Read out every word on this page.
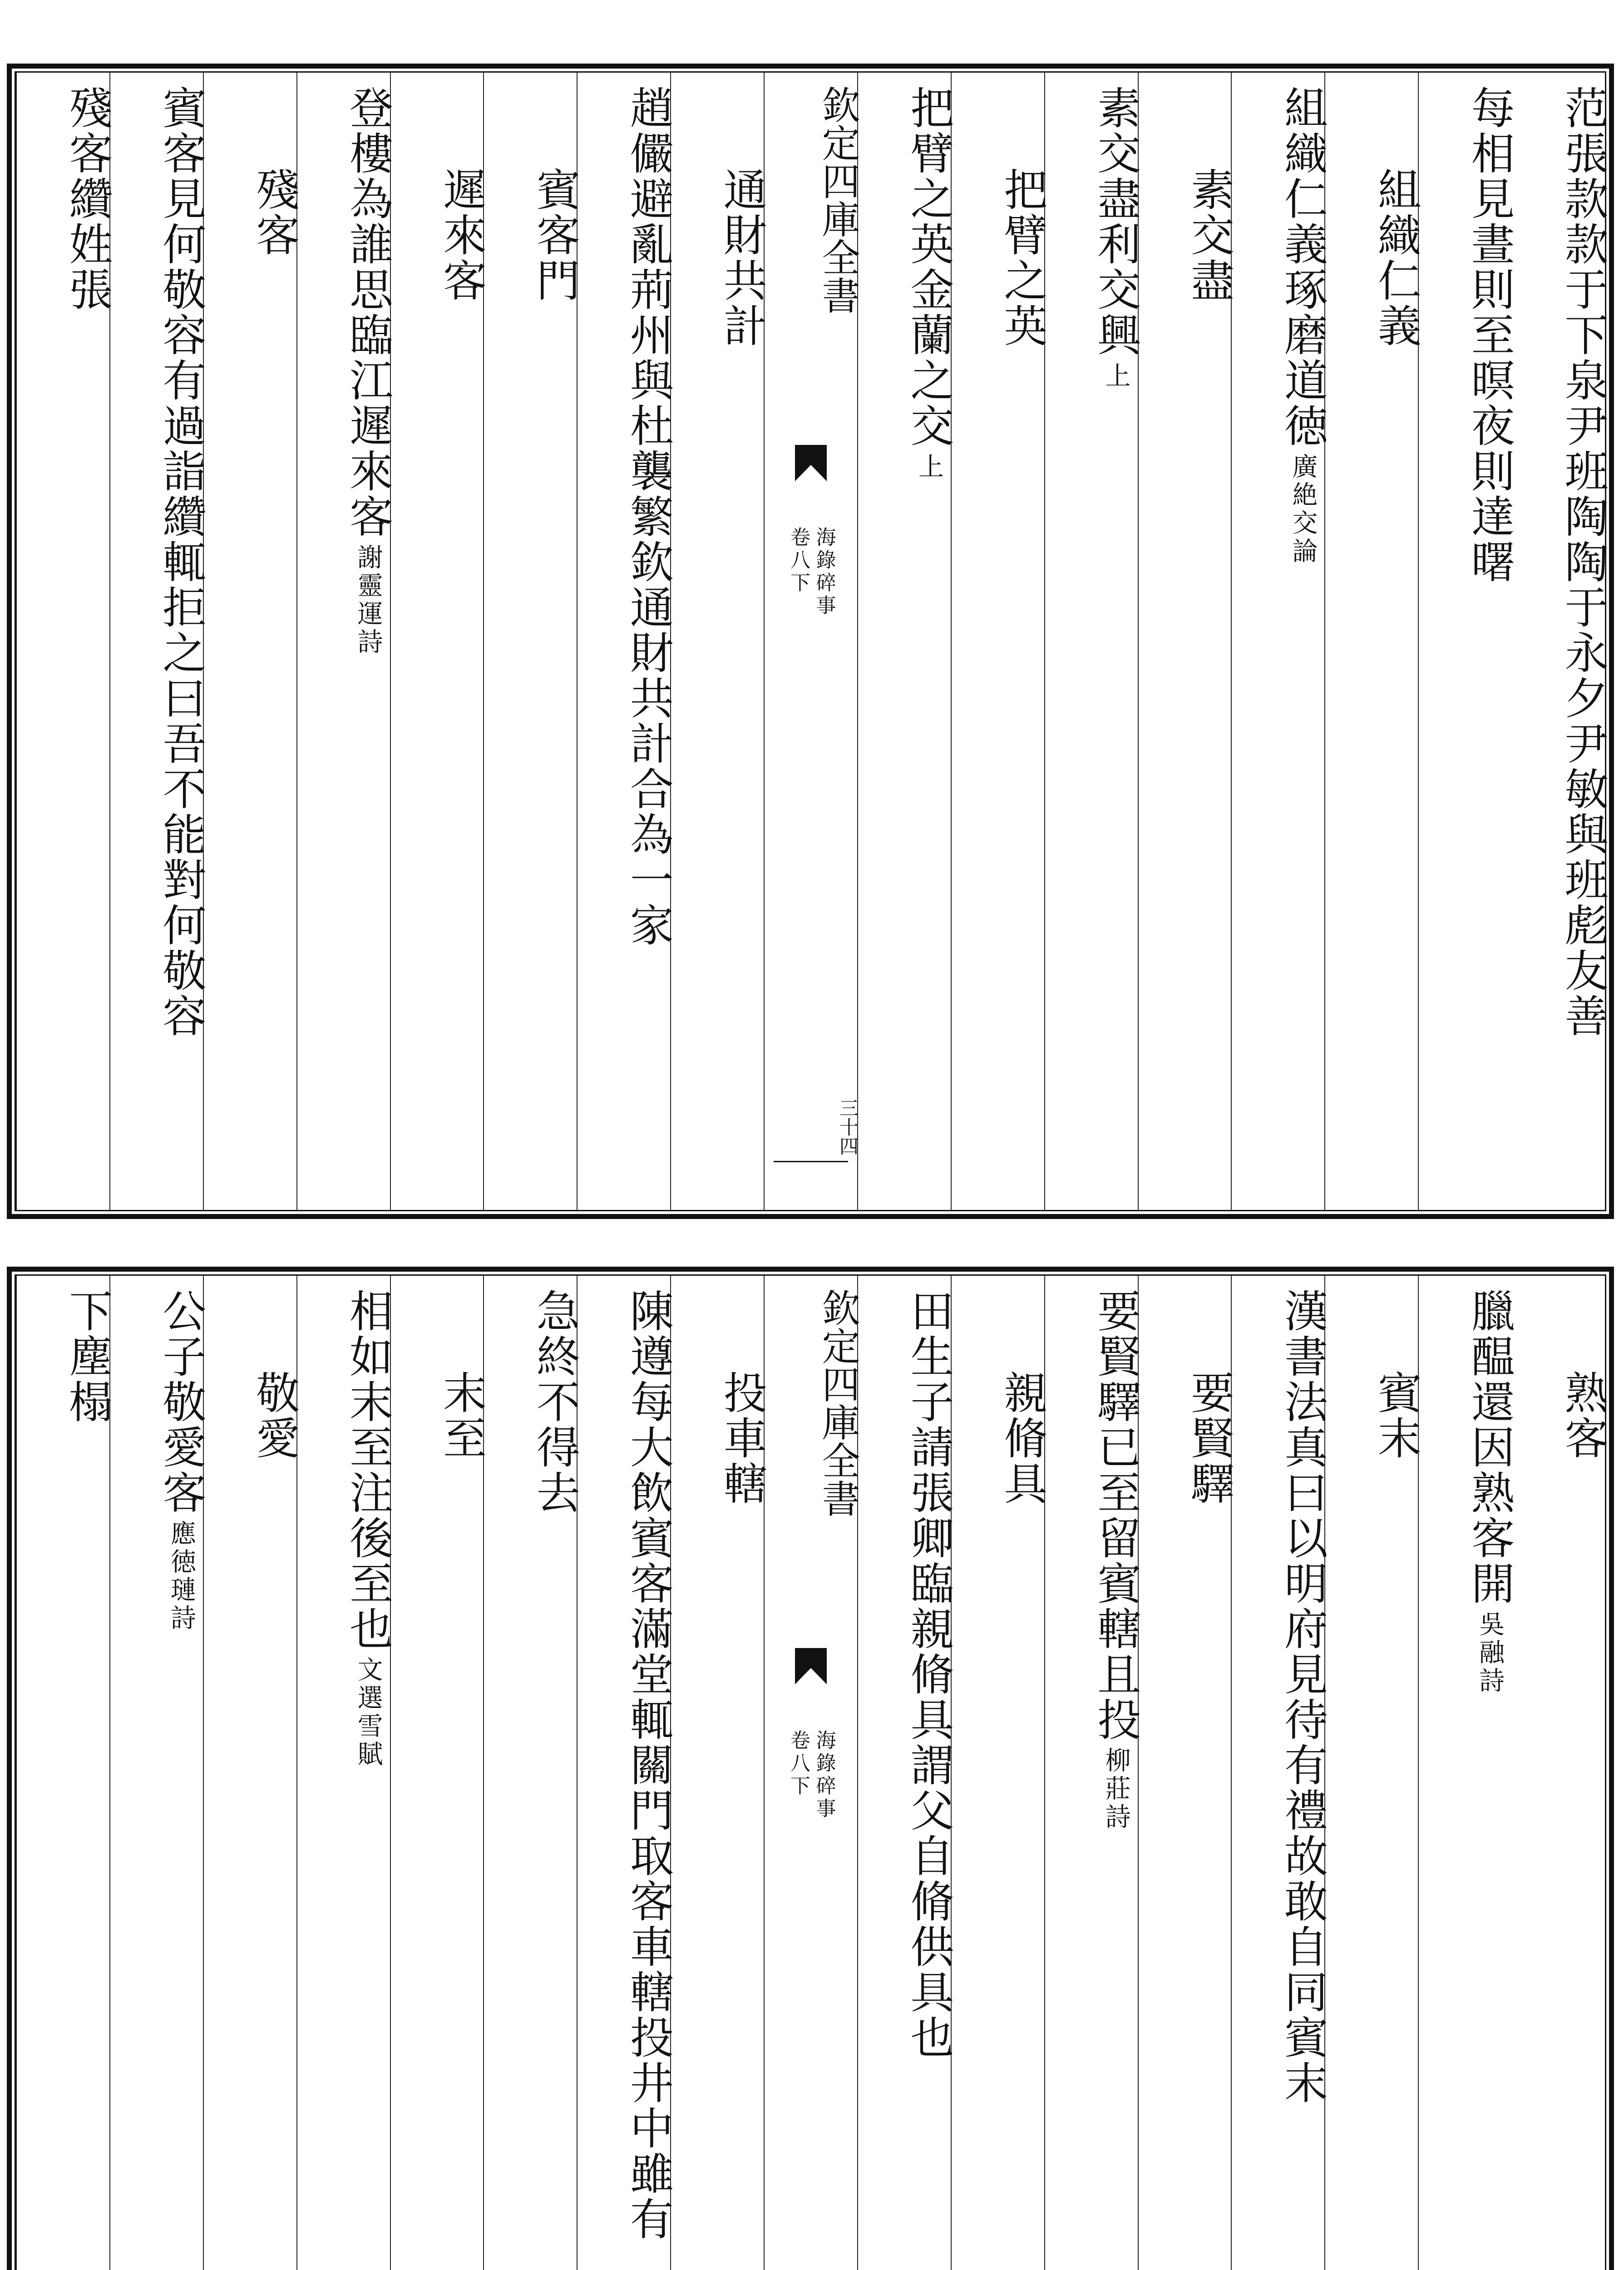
范張款款于下泉尹班陶陶于永夕尹敏與班彪友善
每相見晝則至暝夜則達曙
組織仁義
組織仁義琢磨道徳廣絶交論
素交盡
素交盡利交興上
把臂之英
把臂之英金蘭之交上
欽定四庫全書
海錄碎事
卷八下
三十四
通財共計
趙儼避亂荊州與杜襲繁欽通財共計合為一家
賓客門
遲來客
登樓為誰思臨江遲來客謝靈運詩
殘客
賓客見何敬容有過詣纘輒拒之曰吾不能對何敬容
殘客纘姓張
熟客
臘醖還因熟客開吳融詩
賓末
漢書法真曰以明府見待有禮故敢自同賓末
要賢驛
要賢驛已至留賓轄且投柳莊詩
親脩具
田生子請張卿臨親脩具謂父自脩供具也
欽定四庫全書
海錄碎事
卷八下
投車轄
陳遵每大飲賓客滿堂輒關門取客車轄投井中雖有
急終不得去
末至
相如末至注後至也文選雪賦
敬愛
公子敬愛客應徳璉詩
下塵榻
